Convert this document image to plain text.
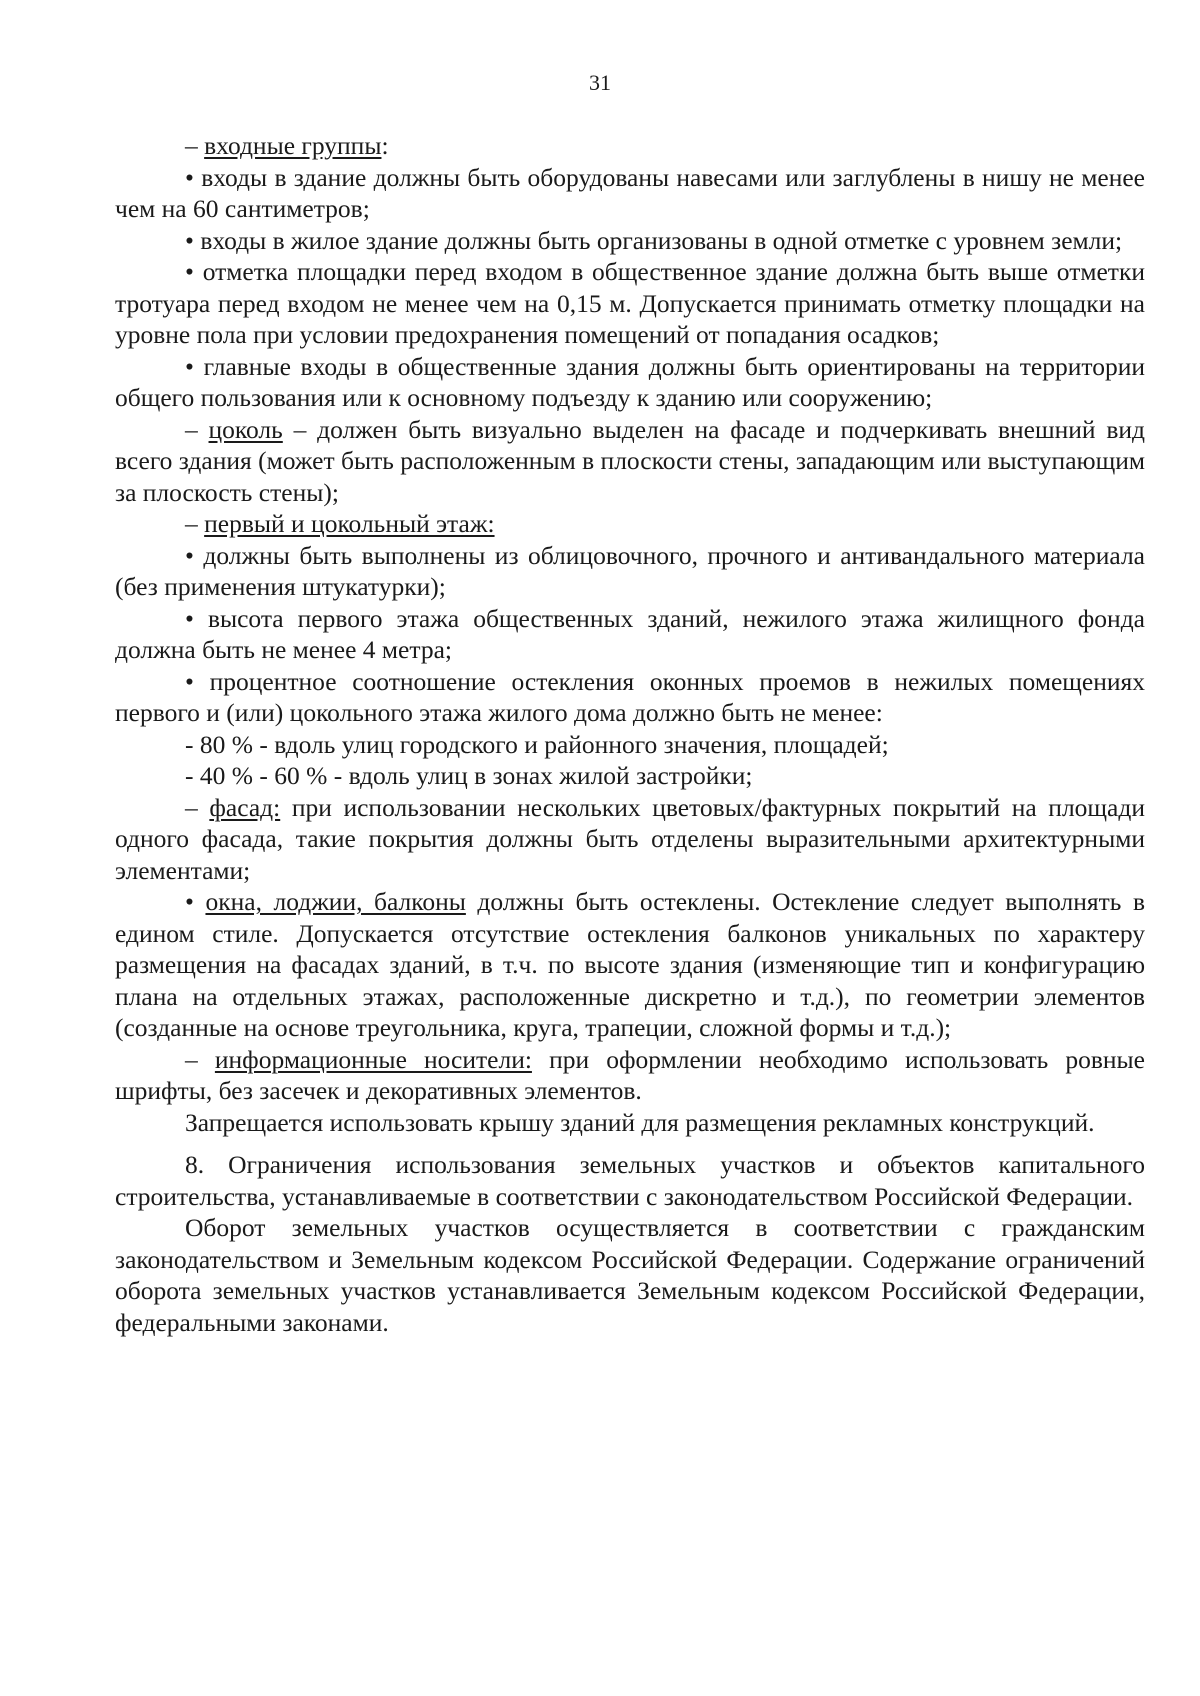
31

– входные группы:

• входы в здание должны быть оборудованы навесами или заглублены в нишу не менее чем на 60 сантиметров;

• входы в жилое здание должны быть организованы в одной отметке с уровнем земли;

• отметка площадки перед входом в общественное здание должна быть выше отметки тротуара перед входом не менее чем на 0,15 м. Допускается принимать отметку площадки на уровне пола при условии предохранения помещений от попадания осадков;

• главные входы в общественные здания должны быть ориентированы на территории общего пользования или к основному подъезду к зданию или сооружению;

– цоколь – должен быть визуально выделен на фасаде и подчеркивать внешний вид всего здания (может быть расположенным в плоскости стены, западающим или выступающим за плоскость стены);

– первый и цокольный этаж:

• должны быть выполнены из облицовочного, прочного и антивандального материала (без применения штукатурки);

• высота первого этажа общественных зданий, нежилого этажа жилищного фонда должна быть не менее 4 метра;

• процентное соотношение остекления оконных проемов в нежилых помещениях первого и (или) цокольного этажа жилого дома должно быть не менее:

- 80 % - вдоль улиц городского и районного значения, площадей;

- 40 % - 60 % - вдоль улиц в зонах жилой застройки;

– фасад: при использовании нескольких цветовых/фактурных покрытий на площади одного фасада, такие покрытия должны быть отделены выразительными архитектурными элементами;

• окна, лоджии, балконы должны быть остеклены. Остекление следует выполнять в едином стиле. Допускается отсутствие остекления балконов уникальных по характеру размещения на фасадах зданий, в т.ч. по высоте здания (изменяющие тип и конфигурацию плана на отдельных этажах, расположенные дискретно и т.д.), по геометрии элементов (созданные на основе треугольника, круга, трапеции, сложной формы и т.д.);

– информационные носители: при оформлении необходимо использовать ровные шрифты, без засечек и декоративных элементов.

Запрещается использовать крышу зданий для размещения рекламных конструкций.

8. Ограничения использования земельных участков и объектов капитального строительства, устанавливаемые в соответствии с законодательством Российской Федерации.

Оборот земельных участков осуществляется в соответствии с гражданским законодательством и Земельным кодексом Российской Федерации. Содержание ограничений оборота земельных участков устанавливается Земельным кодексом Российской Федерации, федеральными законами.
